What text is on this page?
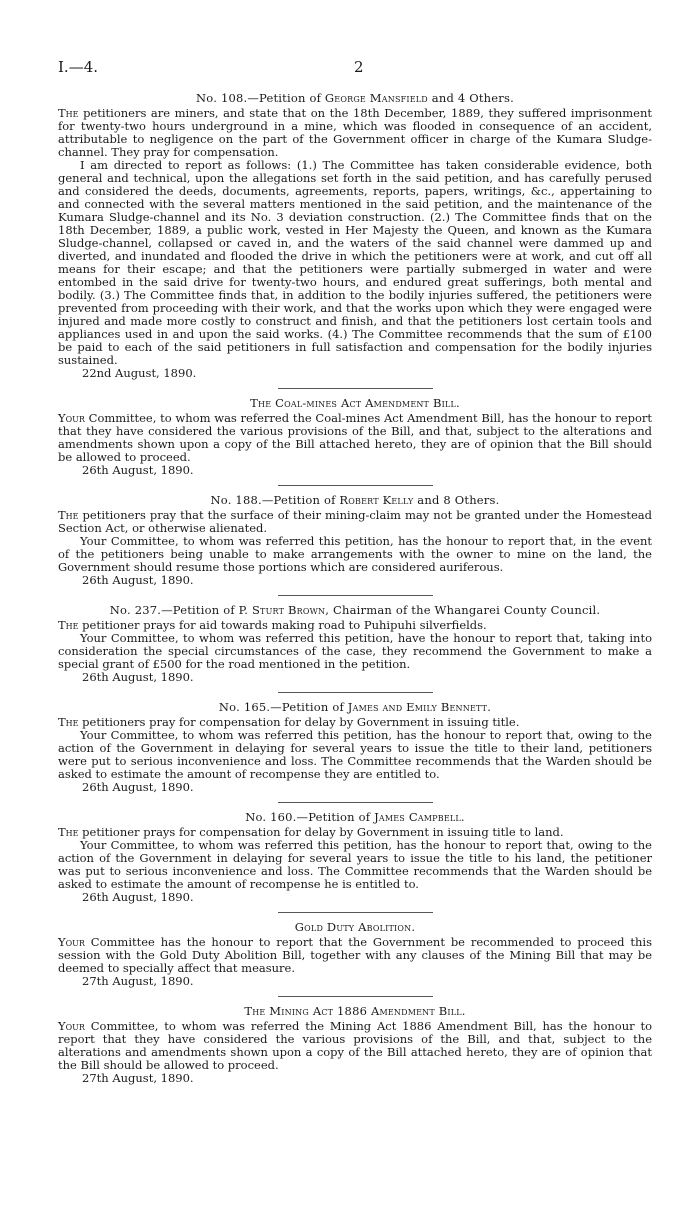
I.—4.	2
No. 108.—Petition of George Mansfield and 4 Others.

The petitioners are miners, and state that on the 18th December, 1889, they suffered imprisonment for twenty-two hours underground in a mine, which was flooded in consequence of an accident, attributable to negligence on the part of the Government officer in charge of the Kumara Sludge-channel. They pray for compensation.

I am directed to report as follows: (1.) The Committee has taken considerable evidence, both general and technical, upon the allegations set forth in the said petition, and has carefully perused and considered the deeds, documents, agreements, reports, papers, writings, &c., appertaining to and connected with the several matters mentioned in the said petition, and the maintenance of the Kumara Sludge-channel and its No. 3 deviation construction. (2.) The Committee finds that on the 18th December, 1889, a public work, vested in Her Majesty the Queen, and known as the Kumara Sludge-channel, collapsed or caved in, and the waters of the said channel were dammed up and diverted, and inundated and flooded the drive in which the petitioners were at work, and cut off all means for their escape; and that the petitioners were partially submerged in water and were entombed in the said drive for twenty-two hours, and endured great sufferings, both mental and bodily. (3.) The Committee finds that, in addition to the bodily injuries suffered, the petitioners were prevented from proceeding with their work, and that the works upon which they were engaged were injured and made more costly to construct and finish, and that the petitioners lost certain tools and appliances used in and upon the said works. (4.) The Committee recommends that the sum of £100 be paid to each of the said petitioners in full satisfaction and compensation for the bodily injuries sustained.

22nd August, 1890.

The Coal-mines Act Amendment Bill.

Your Committee, to whom was referred the Coal-mines Act Amendment Bill, has the honour to report that they have considered the various provisions of the Bill, and that, subject to the alterations and amendments shown upon a copy of the Bill attached hereto, they are of opinion that the Bill should be allowed to proceed.

26th August, 1890.

No. 188.—Petition of Robert Kelly and 8 Others.

The petitioners pray that the surface of their mining-claim may not be granted under the Homestead Section Act, or otherwise alienated.

Your Committee, to whom was referred this petition, has the honour to report that, in the event of the petitioners being unable to make arrangements with the owner to mine on the land, the Government should resume those portions which are considered auriferous.

26th August, 1890.

No. 237.—Petition of P. Sturt Brown, Chairman of the Whangarei County Council.

The petitioner prays for aid towards making road to Puhipuhi silverfields.

Your Committee, to whom was referred this petition, have the honour to report that, taking into consideration the special circumstances of the case, they recommend the Government to make a special grant of £500 for the road mentioned in the petition.

26th August, 1890.

No. 165.—Petition of James and Emily Bennett.

The petitioners pray for compensation for delay by Government in issuing title.

Your Committee, to whom was referred this petition, has the honour to report that, owing to the action of the Government in delaying for several years to issue the title to their land, petitioners were put to serious inconvenience and loss. The Committee recommends that the Warden should be asked to estimate the amount of recompense they are entitled to.

26th August, 1890.

No. 160.—Petition of James Campbell.

The petitioner prays for compensation for delay by Government in issuing title to land.

Your Committee, to whom was referred this petition, has the honour to report that, owing to the action of the Government in delaying for several years to issue the title to his land, the petitioner was put to serious inconvenience and loss. The Committee recommends that the Warden should be asked to estimate the amount of recompense he is entitled to.

26th August, 1890.

Gold Duty Abolition.

Your Committee has the honour to report that the Government be recommended to proceed this session with the Gold Duty Abolition Bill, together with any clauses of the Mining Bill that may be deemed to specially affect that measure.

27th August, 1890.

The Mining Act 1886 Amendment Bill.

Your Committee, to whom was referred the Mining Act 1886 Amendment Bill, has the honour to report that they have considered the various provisions of the Bill, and that, subject to the alterations and amendments shown upon a copy of the Bill attached hereto, they are of opinion that the Bill should be allowed to proceed.

27th August, 1890.
